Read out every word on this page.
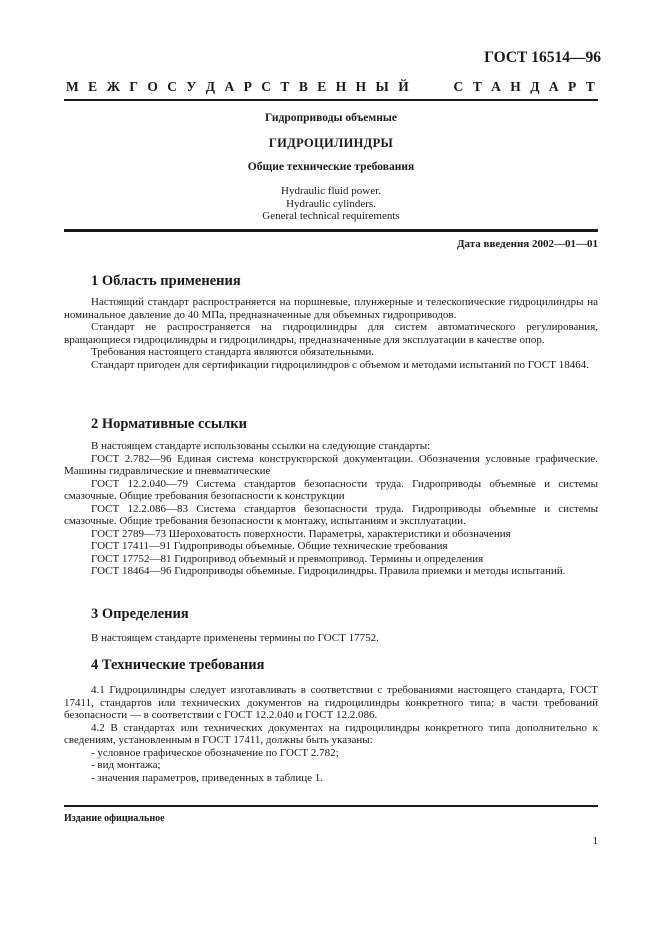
ГОСТ 16514—96
М Е Ж Г О С У Д А Р С Т В Е Н Н Ы Й	С Т А Н Д А Р Т
Гидроприводы объемные
ГИДРОЦИЛИНДРЫ
Общие технические требования
Hydraulic fluid power.
Hydraulic cylinders.
General technical requirements
Дата введения 2002—01—01
1 Область применения

Настоящий стандарт распространяется на поршневые, плунжерные и телескопические гидроцилиндры на номинальное давление до 40 МПа, предназначенные для объемных гидроприводов.

Стандарт не распространяется на гидроцилиндры для систем автоматического регулирования, вращающиеся гидроцилиндры и гидроцилиндры, предназначенные для эксплуатации в качестве опор.

Требования настоящего стандарта являются обязательными.

Стандарт пригоден для сертификации гидроцилиндров с объемом и методами испытаний по ГОСТ 18464.

2 Нормативные ссылки

В настоящем стандарте использованы ссылки на следующие стандарты:

ГОСТ 2.782—96 Единая система конструкторской документации. Обозначения условные графические. Машины гидравлические и пневматические

ГОСТ 12.2.040—79 Система стандартов безопасности труда. Гидроприводы объемные и системы смазочные. Общие требования безопасности к конструкции

ГОСТ 12.2.086—83 Система стандартов безопасности труда. Гидроприводы объемные и системы смазочные. Общие требования безопасности к монтажу, испытаниям и эксплуатации.

ГОСТ 2789—73 Шероховатость поверхности. Параметры, характеристики и обозначения

ГОСТ 17411—91 Гидроприводы объемные. Общие технические требования

ГОСТ 17752—81 Гидропривод объемный и превмопривод. Термины и определения

ГОСТ 18464—96 Гидроприводы объемные. Гидроцилиндры. Правила приемки и методы испытаний.

3 Определения

В настоящем стандарте применены термины по ГОСТ 17752.

4 Технические требования

4.1 Гидроцилиндры следует изготавливать в соответствии с требованиями настоящего стандарта, ГОСТ 17411, стандартов или технических документов на гидроцилиндры конкретного типа; в части требований безопасности — в соответствии с ГОСТ 12.2.040 и ГОСТ 12.2.086.

4.2 В стандартах или технических документах на гидроцилиндры конкретного типа дополнительно к сведениям, установленным в ГОСТ 17411, должны быть указаны:

- условное графическое обозначение по ГОСТ 2.782;

- вид монтажа;

- значения параметров, приведенных в таблице 1.

Издание официальное
1
